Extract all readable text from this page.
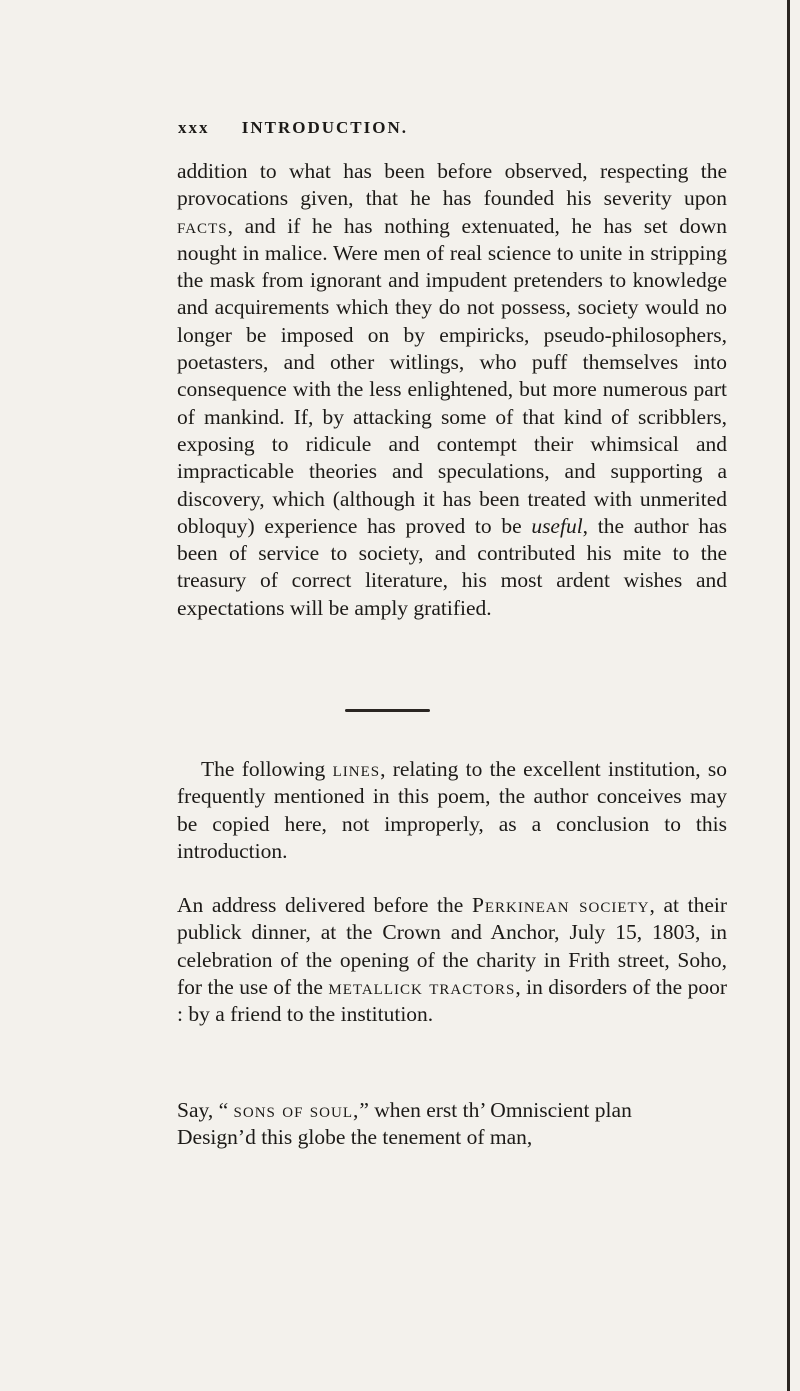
xxx INTRODUCTION.
addition to what has been before observed, respecting the provocations given, that he has founded his severity upon facts, and if he has nothing extenuated, he has set down nought in malice. Were men of real science to unite in stripping the mask from ignorant and impudent pretenders to knowledge and acquirements which they do not possess, society would no longer be imposed on by empiricks, pseudo-philosophers, poetasters, and other witlings, who puff themselves into consequence with the less enlightened, but more numerous part of mankind. If, by attacking some of that kind of scribblers, exposing to ridicule and contempt their whimsical and impracticable theories and speculations, and supporting a discovery, which (although it has been treated with unmerited obloquy) experience has proved to be useful, the author has been of service to society, and contributed his mite to the treasury of correct literature, his most ardent wishes and expectations will be amply gratified.
The following lines, relating to the excellent institution, so frequently mentioned in this poem, the author conceives may be copied here, not improperly, as a conclusion to this introduction.
An address delivered before the Perkinean society, at their publick dinner, at the Crown and Anchor, July 15, 1803, in celebration of the opening of the charity in Frith street, Soho, for the use of the metallick tractors, in disorders of the poor : by a friend to the institution.
Say, “ sons of soul,” when erst th’ Omniscient plan
Design’d this globe the tenement of man,
